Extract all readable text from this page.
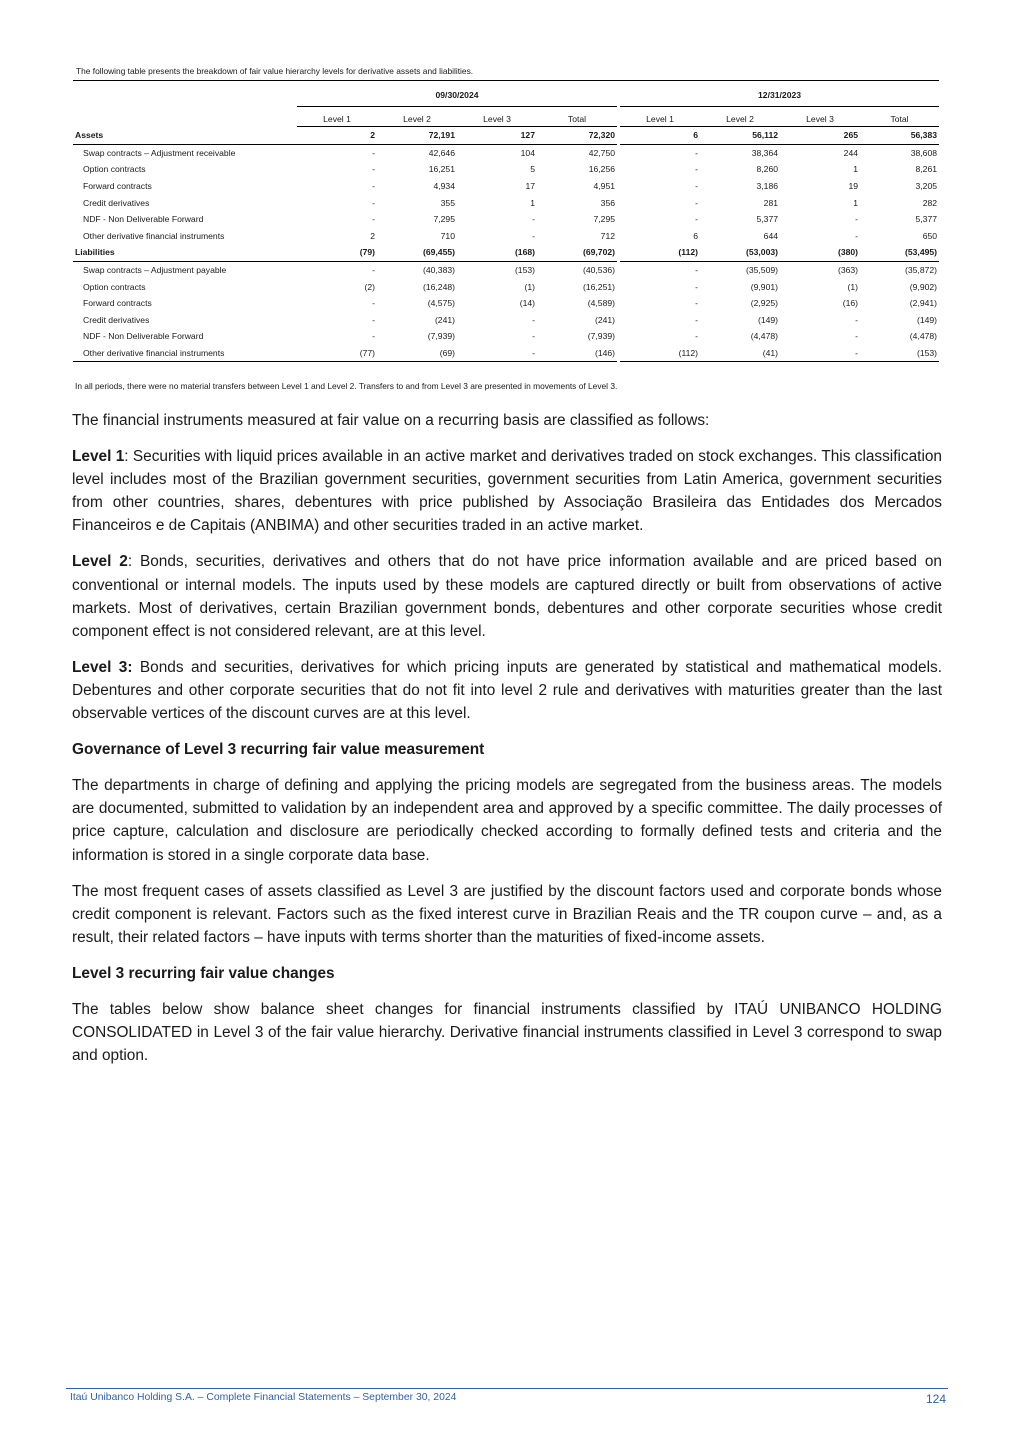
The following table presents the breakdown of fair value hierarchy levels for derivative assets and liabilities.
	09/30/2024					12/31/2023			
	Level 1	Level 2	Level 3	Total		Level 1	Level 2	Level 3	Total
Assets	2	72,191	127	72,320		6	56,112	265	56,383
Swap contracts – Adjustment receivable	-	42,646	104	42,750		-	38,364	244	38,608
Option contracts	-	16,251	5	16,256		-	8,260	1	8,261
Forward contracts	-	4,934	17	4,951		-	3,186	19	3,205
Credit derivatives	-	355	1	356		-	281	1	282
NDF - Non Deliverable Forward	-	7,295	-	7,295		-	5,377	-	5,377
Other derivative financial instruments	2	710	-	712		6	644	-	650
Liabilities	(79)	(69,455)	(168)	(69,702)		(112)	(53,003)	(380)	(53,495)
Swap contracts – Adjustment payable	-	(40,383)	(153)	(40,536)		-	(35,509)	(363)	(35,872)
Option contracts	(2)	(16,248)	(1)	(16,251)		-	(9,901)	(1)	(9,902)
Forward contracts	-	(4,575)	(14)	(4,589)		-	(2,925)	(16)	(2,941)
Credit derivatives	-	(241)	-	(241)		-	(149)	-	(149)
NDF - Non Deliverable Forward	-	(7,939)	-	(7,939)		-	(4,478)	-	(4,478)
Other derivative financial instruments	(77)	(69)	-	(146)		(112)	(41)	-	(153)
In all periods, there were no material transfers between Level 1 and Level 2. Transfers to and from Level 3 are presented in movements of Level 3.

The financial instruments measured at fair value on a recurring basis are classified as follows:

Level 1: Securities with liquid prices available in an active market and derivatives traded on stock exchanges. This classification level includes most of the Brazilian government securities, government securities from Latin America, government securities from other countries, shares, debentures with price published by Associação Brasileira das Entidades dos Mercados Financeiros e de Capitais (ANBIMA) and other securities traded in an active market.

Level 2: Bonds, securities, derivatives and others that do not have price information available and are priced based on conventional or internal models. The inputs used by these models are captured directly or built from observations of active markets. Most of derivatives, certain Brazilian government bonds, debentures and other corporate securities whose credit component effect is not considered relevant, are at this level.

Level 3: Bonds and securities, derivatives for which pricing inputs are generated by statistical and mathematical models. Debentures and other corporate securities that do not fit into level 2 rule and derivatives with maturities greater than the last observable vertices of the discount curves are at this level.

Governance of Level 3 recurring fair value measurement

The departments in charge of defining and applying the pricing models are segregated from the business areas. The models are documented, submitted to validation by an independent area and approved by a specific committee. The daily processes of price capture, calculation and disclosure are periodically checked according to formally defined tests and criteria and the information is stored in a single corporate data base.

The most frequent cases of assets classified as Level 3 are justified by the discount factors used and corporate bonds whose credit component is relevant. Factors such as the fixed interest curve in Brazilian Reais and the TR coupon curve – and, as a result, their related factors – have inputs with terms shorter than the maturities of fixed-income assets.

Level 3 recurring fair value changes

The tables below show balance sheet changes for financial instruments classified by ITAÚ UNIBANCO HOLDING CONSOLIDATED in Level 3 of the fair value hierarchy. Derivative financial instruments classified in Level 3 correspond to swap and option.

Itaú Unibanco Holding S.A. – Complete Financial Statements – September 30, 2024	124
